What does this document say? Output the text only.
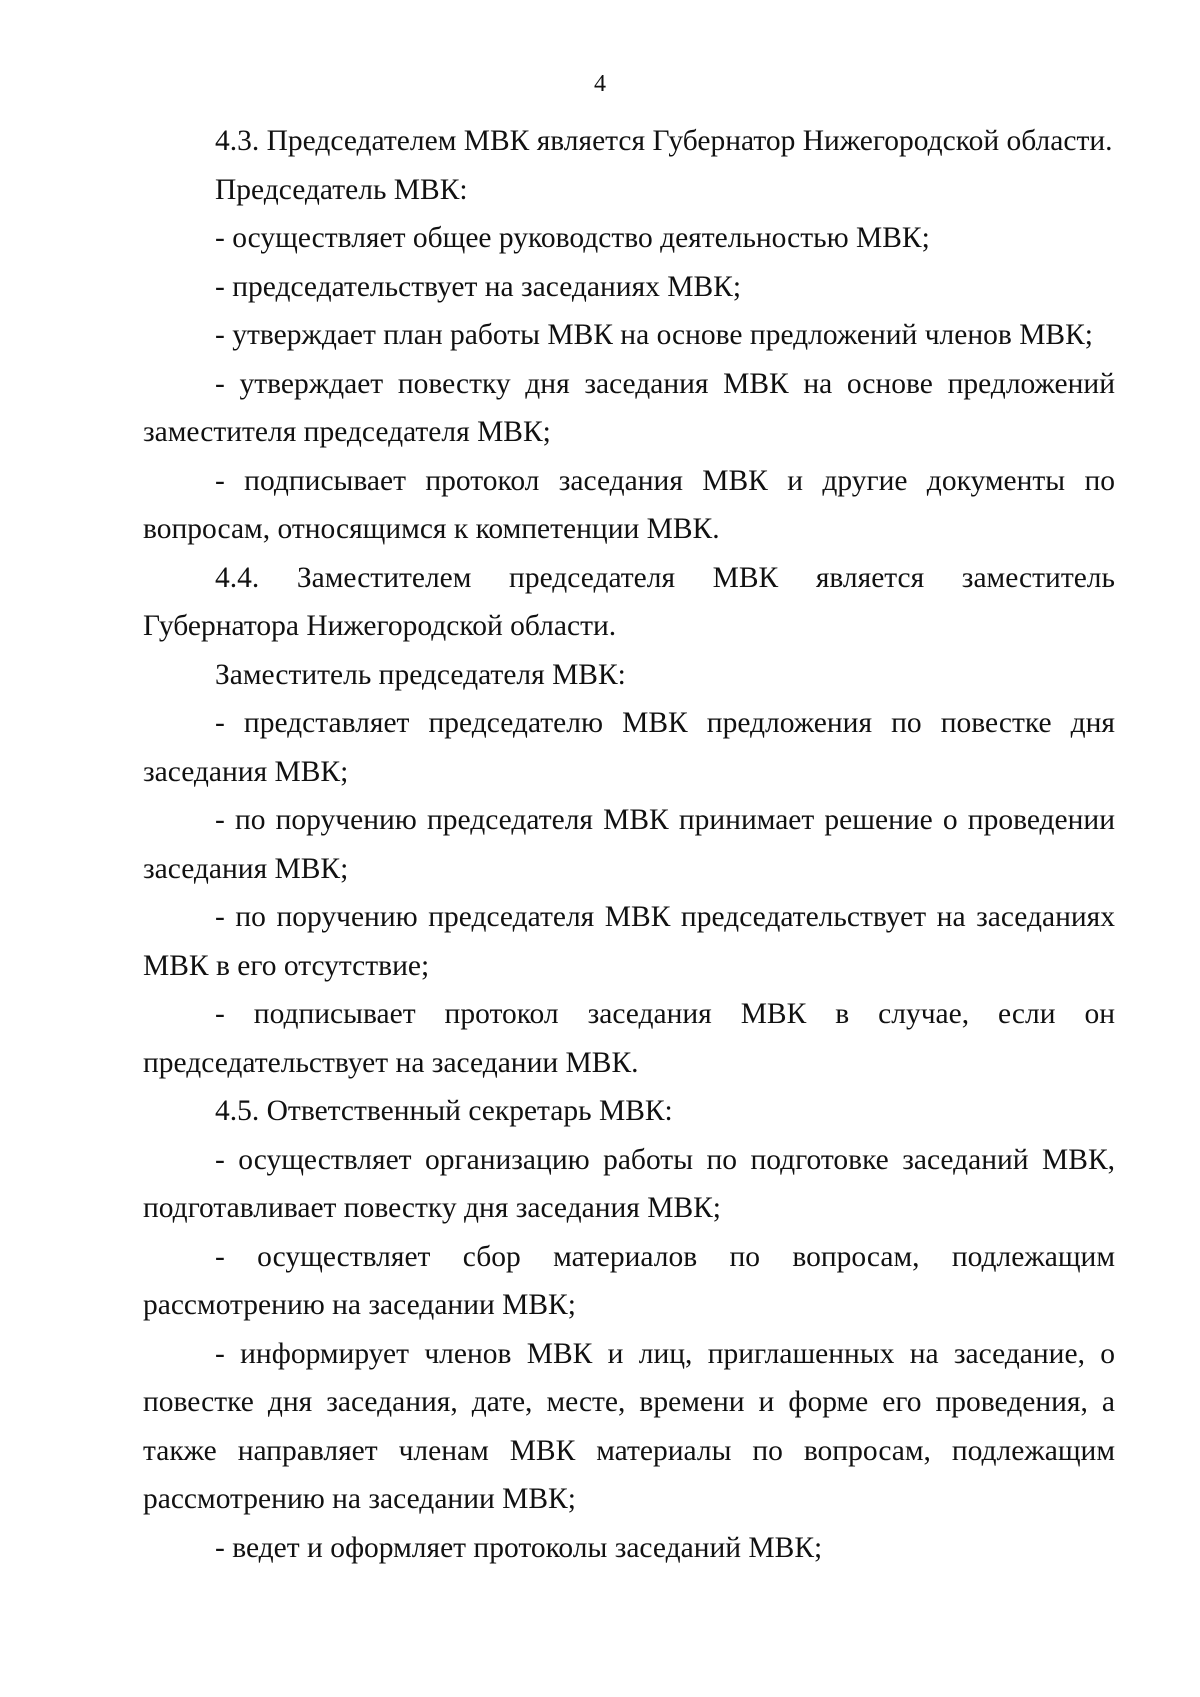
4

4.3. Председателем МВК является Губернатор Нижегородской области.

Председатель МВК:

- осуществляет общее руководство деятельностью МВК;

- председательствует на заседаниях МВК;

- утверждает план работы МВК на основе предложений членов МВК;

- утверждает повестку дня заседания МВК на основе предложений заместителя председателя МВК;

- подписывает протокол заседания МВК и другие документы по вопросам, относящимся к компетенции МВК.

4.4. Заместителем председателя МВК является заместитель Губернатора Нижегородской области.

Заместитель председателя МВК:

- представляет председателю МВК предложения по повестке дня заседания МВК;

- по поручению председателя МВК принимает решение о проведении заседания МВК;

- по поручению председателя МВК председательствует на заседаниях МВК в его отсутствие;

- подписывает протокол заседания МВК в случае, если он председательствует на заседании МВК.

4.5. Ответственный секретарь МВК:

- осуществляет организацию работы по подготовке заседаний МВК, подготавливает повестку дня заседания МВК;

- осуществляет сбор материалов по вопросам, подлежащим рассмотрению на заседании МВК;

- информирует членов МВК и лиц, приглашенных на заседание, о повестке дня заседания, дате, месте, времени и форме его проведения, а также направляет членам МВК материалы по вопросам, подлежащим рассмотрению на заседании МВК;

- ведет и оформляет протоколы заседаний МВК;
